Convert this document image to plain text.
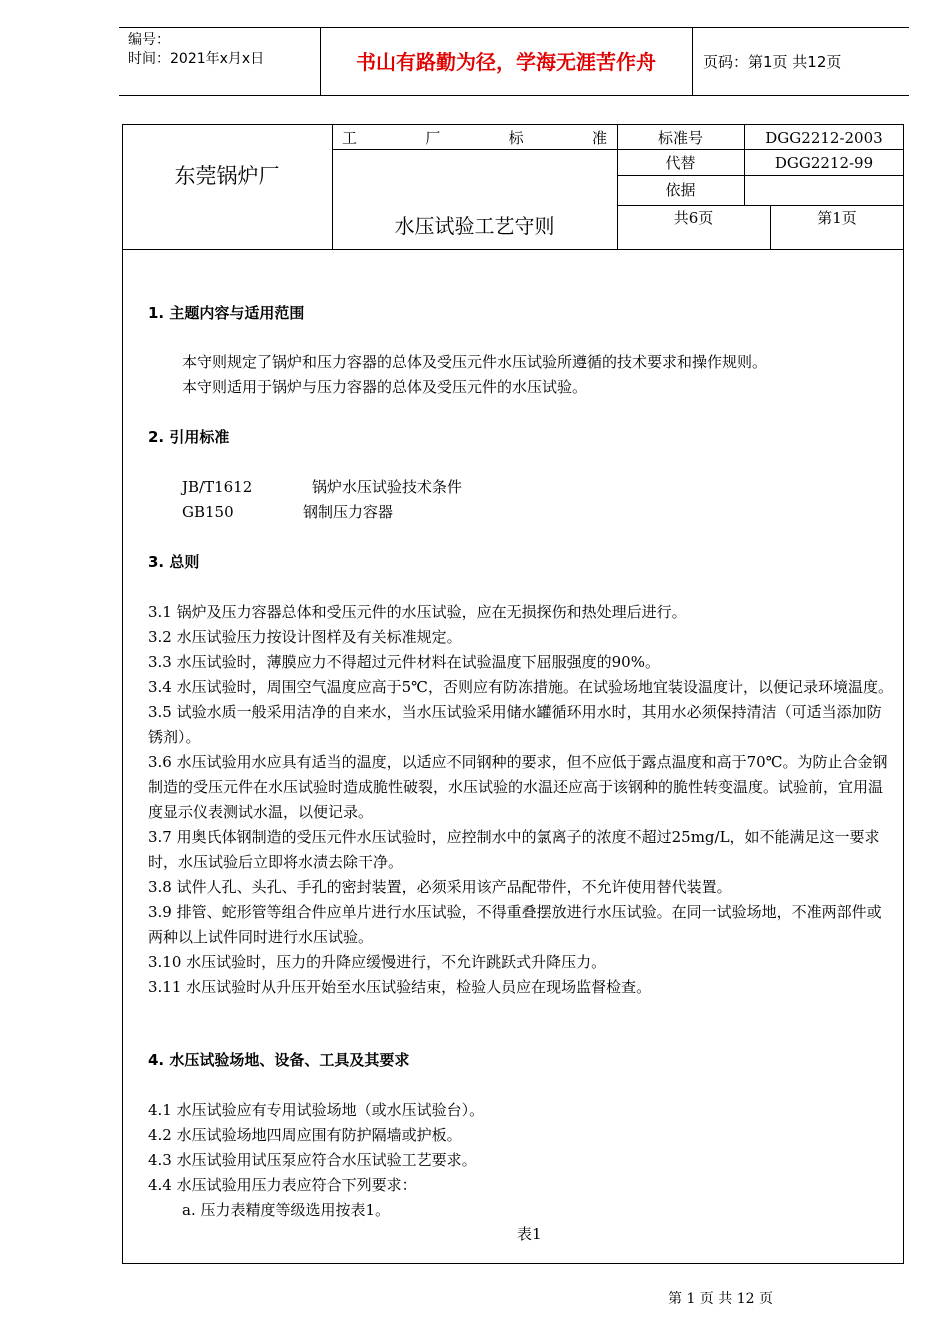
编号：
时间：2021年x月x日	书山有路勤为径，学海无涯苦作舟	页码：第1页 共12页
东莞锅炉厂
工	厂	标	准
水压试验工艺守则
标准号	DGG2212-2003
代替	DGG2212-99
依据
共6页	第1页
1. 主题内容与适用范围
本守则规定了锅炉和压力容器的总体及受压元件水压试验所遵循的技术要求和操作规则。
本守则适用于锅炉与压力容器的总体及受压元件的水压试验。
2. 引用标准
JB/T1612	锅炉水压试验技术条件
GB150	钢制压力容器
3. 总则
3.1 锅炉及压力容器总体和受压元件的水压试验，应在无损探伤和热处理后进行。
3.2 水压试验压力按设计图样及有关标准规定。
3.3 水压试验时，薄膜应力不得超过元件材料在试验温度下屈服强度的90%。
3.4 水压试验时，周围空气温度应高于5℃，否则应有防冻措施。在试验场地宜装设温度计，以便记录环境温度。
3.5 试验水质一般采用洁净的自来水，当水压试验采用储水罐循环用水时，其用水必须保持清洁（可适当添加防锈剂）。
3.6 水压试验用水应具有适当的温度，以适应不同钢种的要求，但不应低于露点温度和高于70℃。为防止合金钢制造的受压元件在水压试验时造成脆性破裂，水压试验的水温还应高于该钢种的脆性转变温度。试验前，宜用温度显示仪表测试水温，以便记录。
3.7 用奥氏体钢制造的受压元件水压试验时，应控制水中的氯离子的浓度不超过25mg/L，如不能满足这一要求时，水压试验后立即将水渍去除干净。
3.8 试件人孔、头孔、手孔的密封装置，必须采用该产品配带件，不允许使用替代装置。
3.9 排管、蛇形管等组合件应单片进行水压试验，不得重叠摆放进行水压试验。在同一试验场地，不准两部件或两种以上试件同时进行水压试验。
3.10 水压试验时，压力的升降应缓慢进行，不允许跳跃式升降压力。
3.11 水压试验时从升压开始至水压试验结束，检验人员应在现场监督检查。
4. 水压试验场地、设备、工具及其要求
4.1 水压试验应有专用试验场地（或水压试验台）。
4.2 水压试验场地四周应围有防护隔墙或护板。
4.3 水压试验用试压泵应符合水压试验工艺要求。
4.4 水压试验用压力表应符合下列要求：
a. 压力表精度等级选用按表1。
表1
第 1 页 共 12 页
